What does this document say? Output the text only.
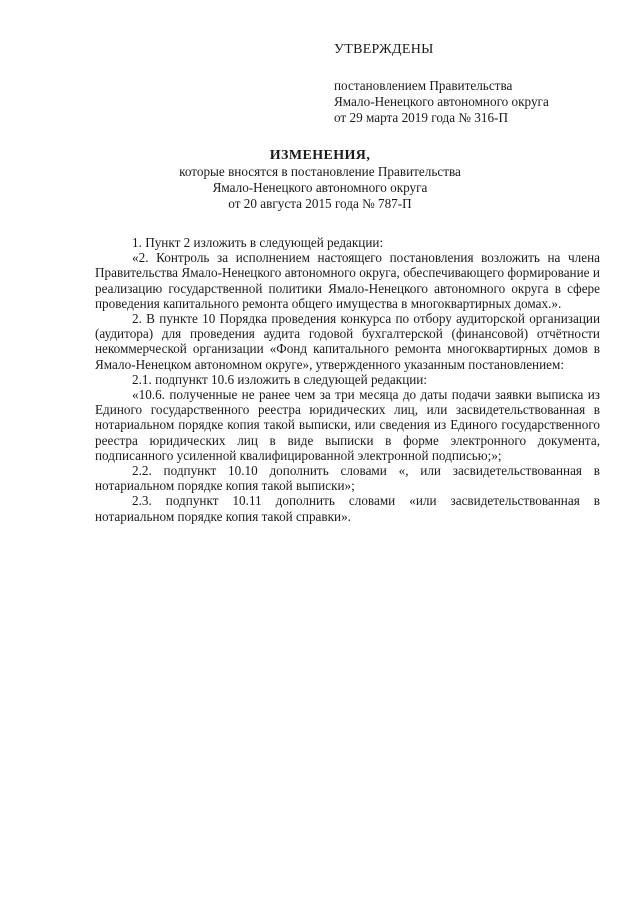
УТВЕРЖДЕНЫ
постановлением Правительства
Ямало-Ненецкого автономного округа
от 29 марта 2019 года № 316-П
ИЗМЕНЕНИЯ,
которые вносятся в постановление Правительства
Ямало-Ненецкого автономного округа
от 20 августа 2015 года № 787-П

1. Пункт 2 изложить в следующей редакции:

«2. Контроль за исполнением настоящего постановления возложить на члена Правительства Ямало-Ненецкого автономного округа, обеспечивающего формирование и реализацию государственной политики Ямало-Ненецкого автономного округа в сфере проведения капитального ремонта общего имущества в многоквартирных домах.».

2. В пункте 10 Порядка проведения конкурса по отбору аудиторской организации (аудитора) для проведения аудита годовой бухгалтерской (финансовой) отчётности некоммерческой организации «Фонд капитального ремонта многоквартирных домов в Ямало-Ненецком автономном округе», утвержденного указанным постановлением:

2.1. подпункт 10.6 изложить в следующей редакции:

«10.6. полученные не ранее чем за три месяца до даты подачи заявки выписка из Единого государственного реестра юридических лиц, или засвидетельствованная в нотариальном порядке копия такой выписки, или сведения из Единого государственного реестра юридических лиц в виде выписки в форме электронного документа, подписанного усиленной квалифицированной электронной подписью;»;

2.2. подпункт 10.10 дополнить словами «, или засвидетельствованная в нотариальном порядке копия такой выписки»;

2.3. подпункт 10.11 дополнить словами «или засвидетельствованная в нотариальном порядке копия такой справки».
